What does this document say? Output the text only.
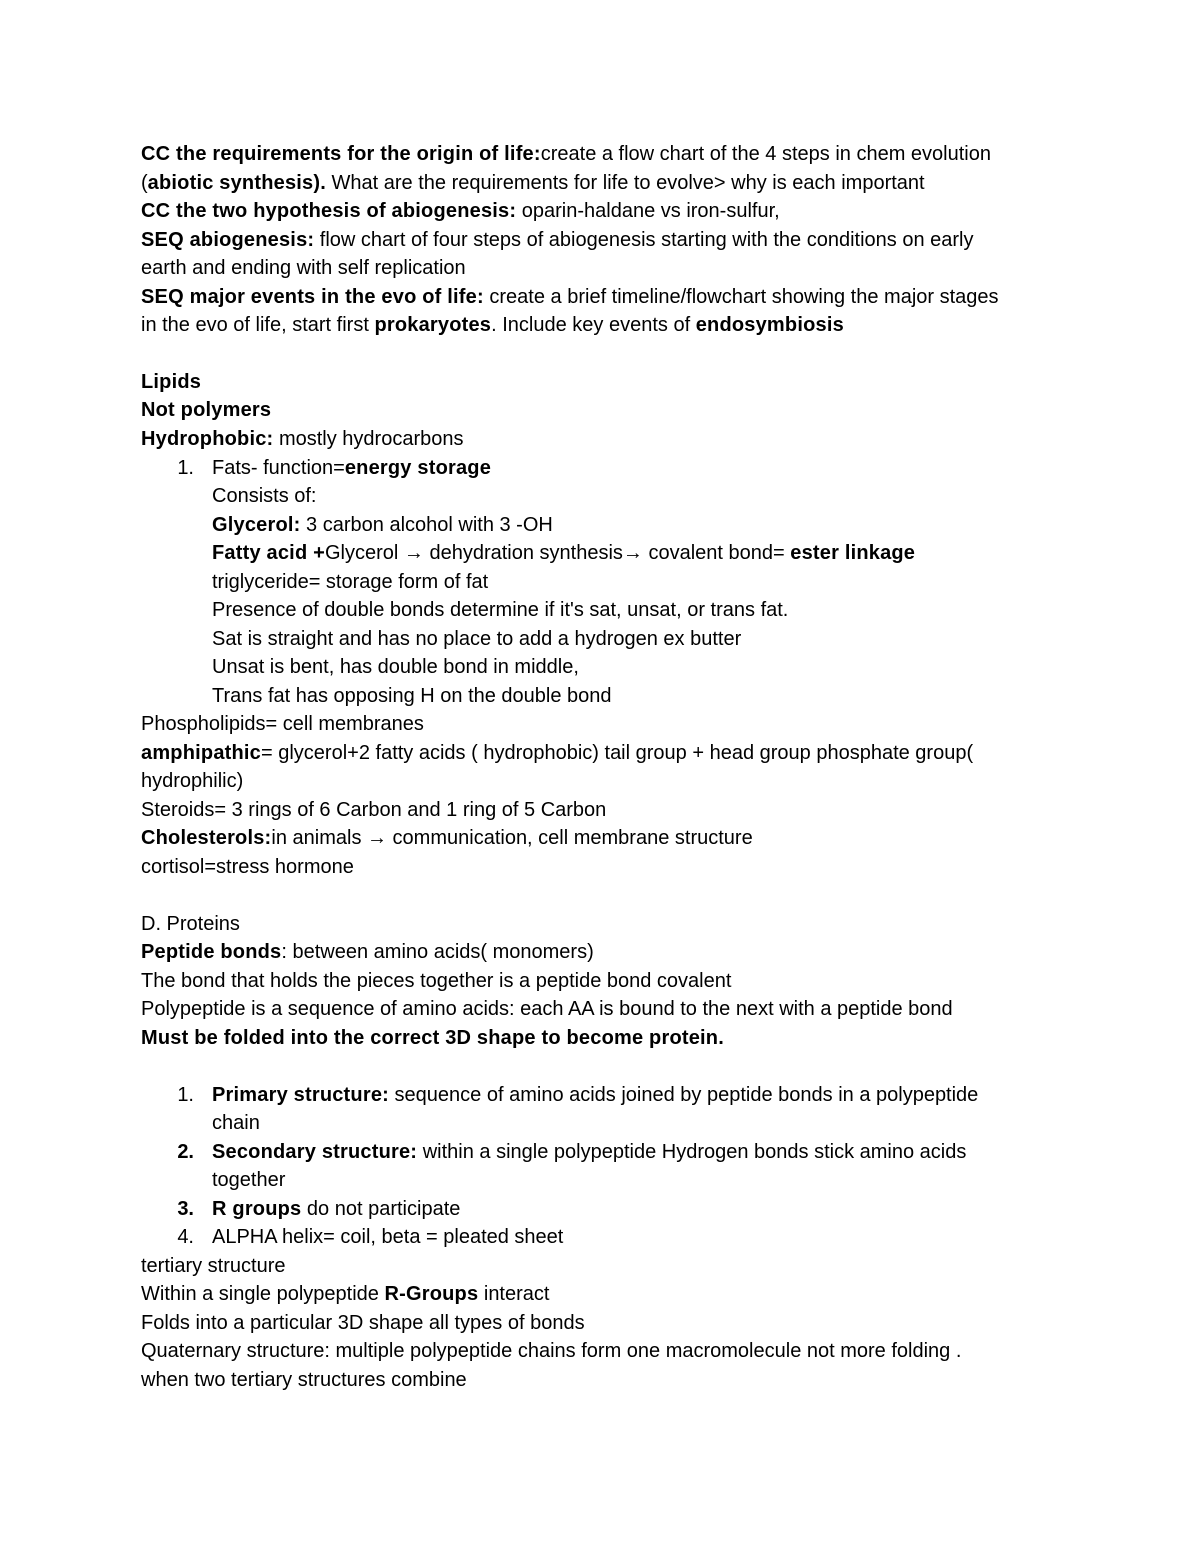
CC the requirements for the origin of life:create a flow chart of the 4 steps in chem evolution
(abiotic synthesis). What are the requirements for life to evolve> why is each important
CC the two hypothesis of abiogenesis: oparin-haldane vs iron-sulfur,
SEQ abiogenesis: flow chart of four steps of abiogenesis starting with the conditions on early
earth and ending with self replication
SEQ major events in the evo of life: create a brief timeline/flowchart showing the major stages
in the evo of life, start first prokaryotes. Include key events of endosymbiosis
Lipids
Not polymers
Hydrophobic: mostly hydrocarbons
1. Fats- function=energy storage
Consists of:
Glycerol: 3 carbon alcohol with 3 -OH
Fatty acid +Glycerol → dehydration synthesis→ covalent bond= ester linkage
triglyceride= storage form of fat
Presence of double bonds determine if it's sat, unsat, or trans fat.
Sat is straight and has no place to add a hydrogen ex butter
Unsat is bent, has double bond in middle,
Trans fat has opposing H on the double bond
Phospholipids= cell membranes
amphipathic= glycerol+2 fatty acids ( hydrophobic) tail group + head group phosphate group(
hydrophilic)
Steroids= 3 rings of 6 Carbon and 1 ring of 5 Carbon
Cholesterols:in animals → communication, cell membrane structure
cortisol=stress hormone
D. Proteins
Peptide bonds: between amino acids( monomers)
The bond that holds the pieces together is a peptide bond covalent
Polypeptide is a sequence of amino acids: each AA is bound to the next with a peptide bond
Must be folded into the correct 3D shape to become protein.
1. Primary structure: sequence of amino acids joined by peptide bonds in a polypeptide
chain
2. Secondary structure: within a single polypeptide Hydrogen bonds stick amino acids
together
3. R groups do not participate
4. ALPHA helix= coil, beta = pleated sheet
tertiary structure
Within a single polypeptide R-Groups interact
Folds into a particular 3D shape all types of bonds
Quaternary structure: multiple polypeptide chains form one macromolecule not more folding .
when two tertiary structures combine
